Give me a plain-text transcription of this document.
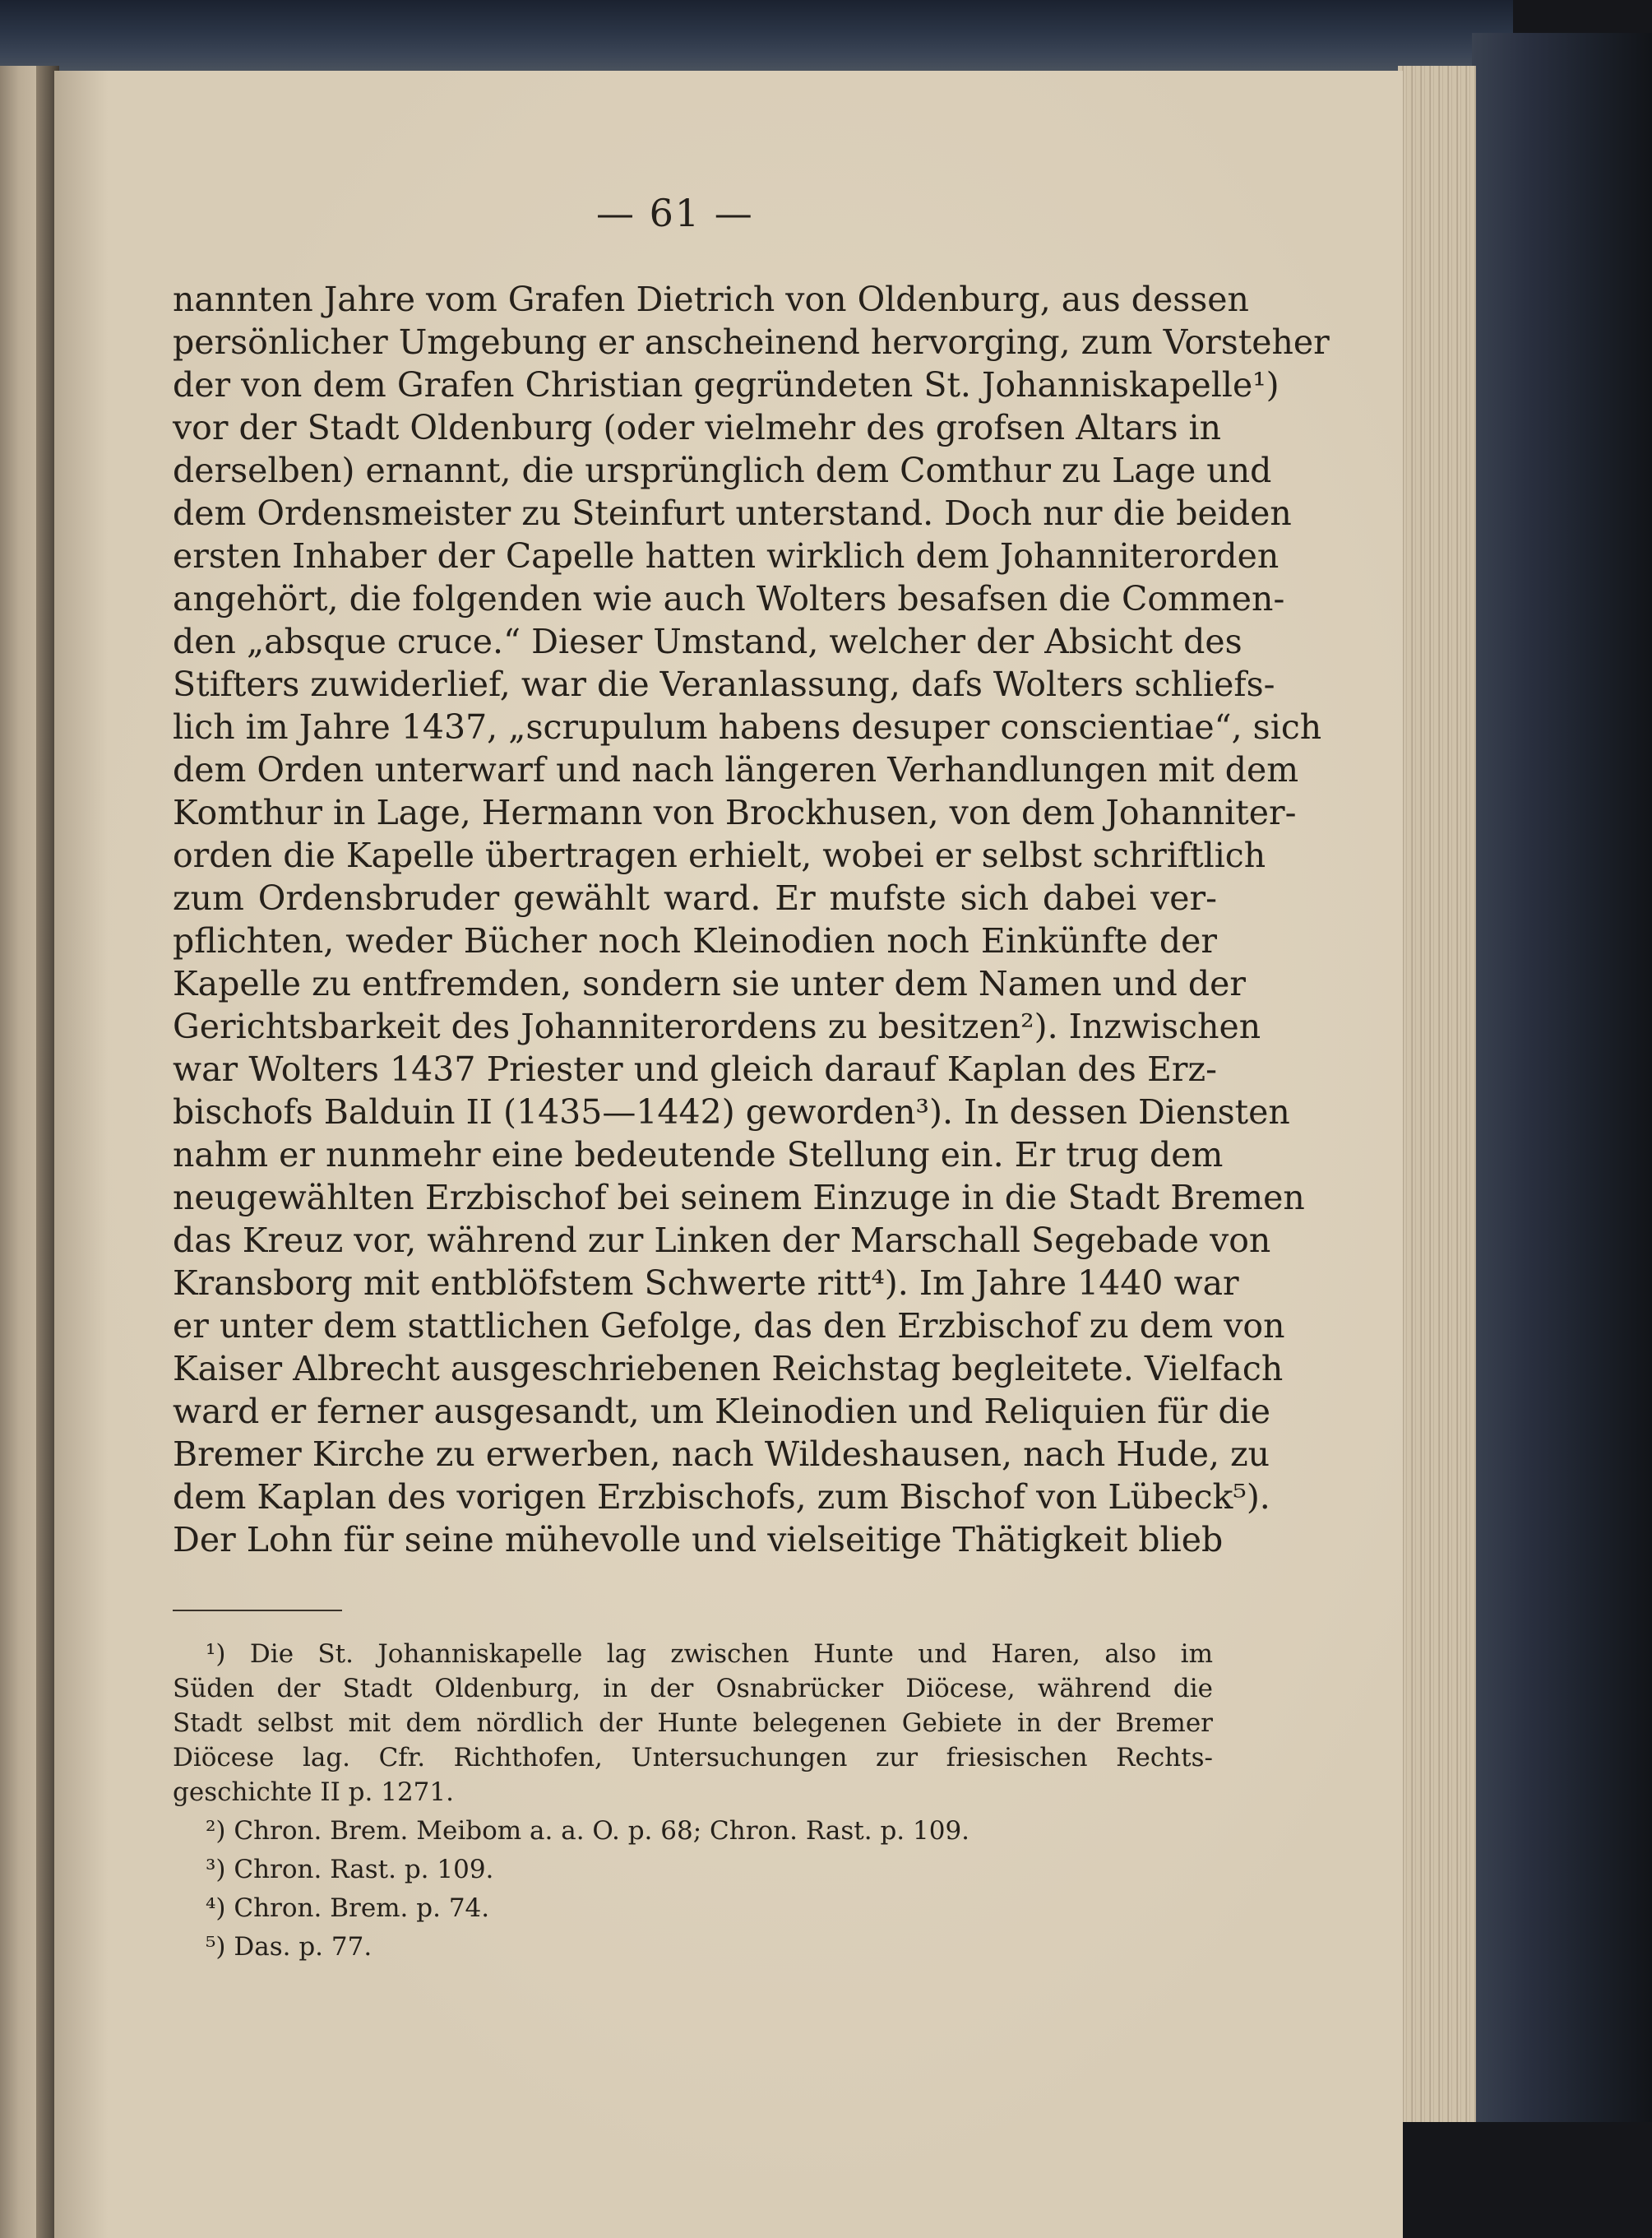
— 61 —
nannten Jahre vom Grafen Dietrich von Oldenburg, aus dessen
persönlicher Umgebung er anscheinend hervorging, zum Vorsteher
der von dem Grafen Christian gegründeten St. Johanniskapelle¹)
vor der Stadt Oldenburg (oder vielmehr des grofsen Altars in
derselben) ernannt, die ursprünglich dem Comthur zu Lage und
dem Ordensmeister zu Steinfurt unterstand. Doch nur die beiden
ersten Inhaber der Capelle hatten wirklich dem Johanniterorden
angehört, die folgenden wie auch Wolters besafsen die Commen-
den „absque cruce.“ Dieser Umstand, welcher der Absicht des
Stifters zuwiderlief, war die Veranlassung, dafs Wolters schliefs-
lich im Jahre 1437, „scrupulum habens desuper conscientiae“, sich
dem Orden unterwarf und nach längeren Verhandlungen mit dem
Komthur in Lage, Hermann von Brockhusen, von dem Johanniter-
orden die Kapelle übertragen erhielt, wobei er selbst schriftlich
zum Ordensbruder gewählt ward. Er mufste sich dabei ver-
pflichten, weder Bücher noch Kleinodien noch Einkünfte der
Kapelle zu entfremden, sondern sie unter dem Namen und der
Gerichtsbarkeit des Johanniterordens zu besitzen²). Inzwischen
war Wolters 1437 Priester und gleich darauf Kaplan des Erz-
bischofs Balduin II (1435—1442) geworden³). In dessen Diensten
nahm er nunmehr eine bedeutende Stellung ein. Er trug dem
neugewählten Erzbischof bei seinem Einzuge in die Stadt Bremen
das Kreuz vor, während zur Linken der Marschall Segebade von
Kransborg mit entblöfstem Schwerte ritt⁴). Im Jahre 1440 war
er unter dem stattlichen Gefolge, das den Erzbischof zu dem von
Kaiser Albrecht ausgeschriebenen Reichstag begleitete. Vielfach
ward er ferner ausgesandt, um Kleinodien und Reliquien für die
Bremer Kirche zu erwerben, nach Wildeshausen, nach Hude, zu
dem Kaplan des vorigen Erzbischofs, zum Bischof von Lübeck⁵).
Der Lohn für seine mühevolle und vielseitige Thätigkeit blieb
¹) Die St. Johanniskapelle lag zwischen Hunte und Haren, also im
Süden der Stadt Oldenburg, in der Osnabrücker Diöcese, während die
Stadt selbst mit dem nördlich der Hunte belegenen Gebiete in der Bremer
Diöcese lag. Cfr. Richthofen, Untersuchungen zur friesischen Rechts-
geschichte II p. 1271.
²) Chron. Brem. Meibom a. a. O. p. 68; Chron. Rast. p. 109.
³) Chron. Rast. p. 109.
⁴) Chron. Brem. p. 74.
⁵) Das. p. 77.
